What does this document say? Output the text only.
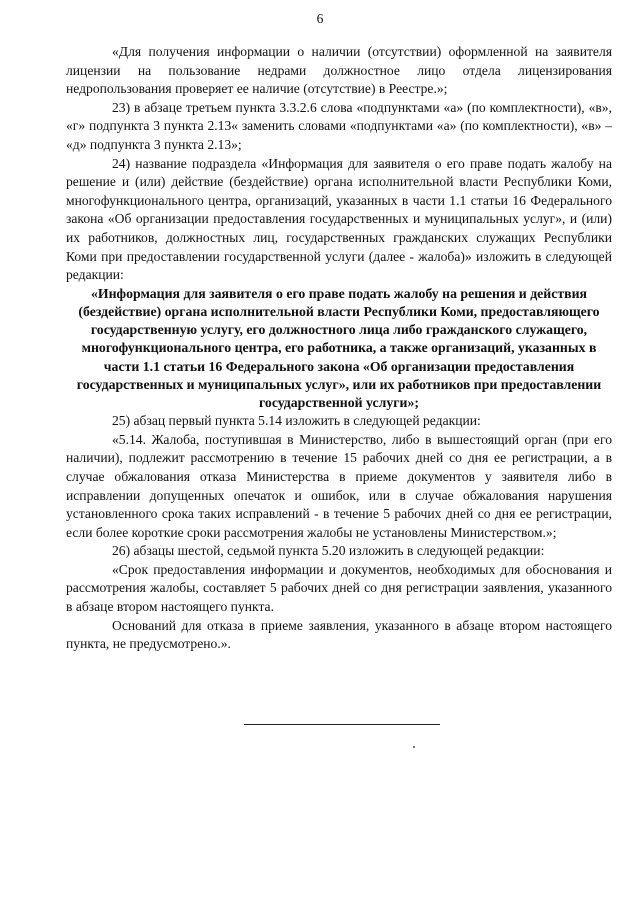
6

«Для получения информации о наличии (отсутствии) оформленной на заявителя лицензии на пользование недрами должностное лицо отдела лицензирования недропользования проверяет ее наличие (отсутствие) в Реестре.»;

23) в абзаце третьем пункта 3.3.2.6 слова «подпунктами «а» (по комплектности), «в», «г» подпункта 3 пункта 2.13« заменить словами «подпунктами «а» (по комплектности), «в» – «д» подпункта 3 пункта 2.13»;

24) название подраздела «Информация для заявителя о его праве подать жалобу на решение и (или) действие (бездействие) органа исполнительной власти Республики Коми, многофункционального центра, организаций, указанных в части 1.1 статьи 16 Федерального закона «Об организации предоставления государственных и муниципальных услуг», и (или) их работников, должностных лиц, государственных гражданских служащих Республики Коми при предоставлении государственной услуги (далее - жалоба)» изложить в следующей редакции:

«Информация для заявителя о его праве подать жалобу на решения и действия (бездействие) органа исполнительной власти Республики Коми, предоставляющего государственную услугу, его должностного лица либо гражданского служащего, многофункционального центра, его работника, а также организаций, указанных в части 1.1 статьи 16 Федерального закона «Об организации предоставления государственных и муниципальных услуг», или их работников при предоставлении государственной услуги»;

25) абзац первый пункта 5.14 изложить в следующей редакции:

«5.14. Жалоба, поступившая в Министерство, либо в вышестоящий орган (при его наличии), подлежит рассмотрению в течение 15 рабочих дней со дня ее регистрации, а в случае обжалования отказа Министерства в приеме документов у заявителя либо в исправлении допущенных опечаток и ошибок, или в случае обжалования нарушения установленного срока таких исправлений - в течение 5 рабочих дней со дня ее регистрации, если более короткие сроки рассмотрения жалобы не установлены Министерством.»;

26) абзацы шестой, седьмой пункта 5.20 изложить в следующей редакции:

«Срок предоставления информации и документов, необходимых для обоснования и рассмотрения жалобы, составляет 5 рабочих дней со дня регистрации заявления, указанного в абзаце втором настоящего пункта.

Оснований для отказа в приеме заявления, указанного в абзаце втором настоящего пункта, не предусмотрено.».
